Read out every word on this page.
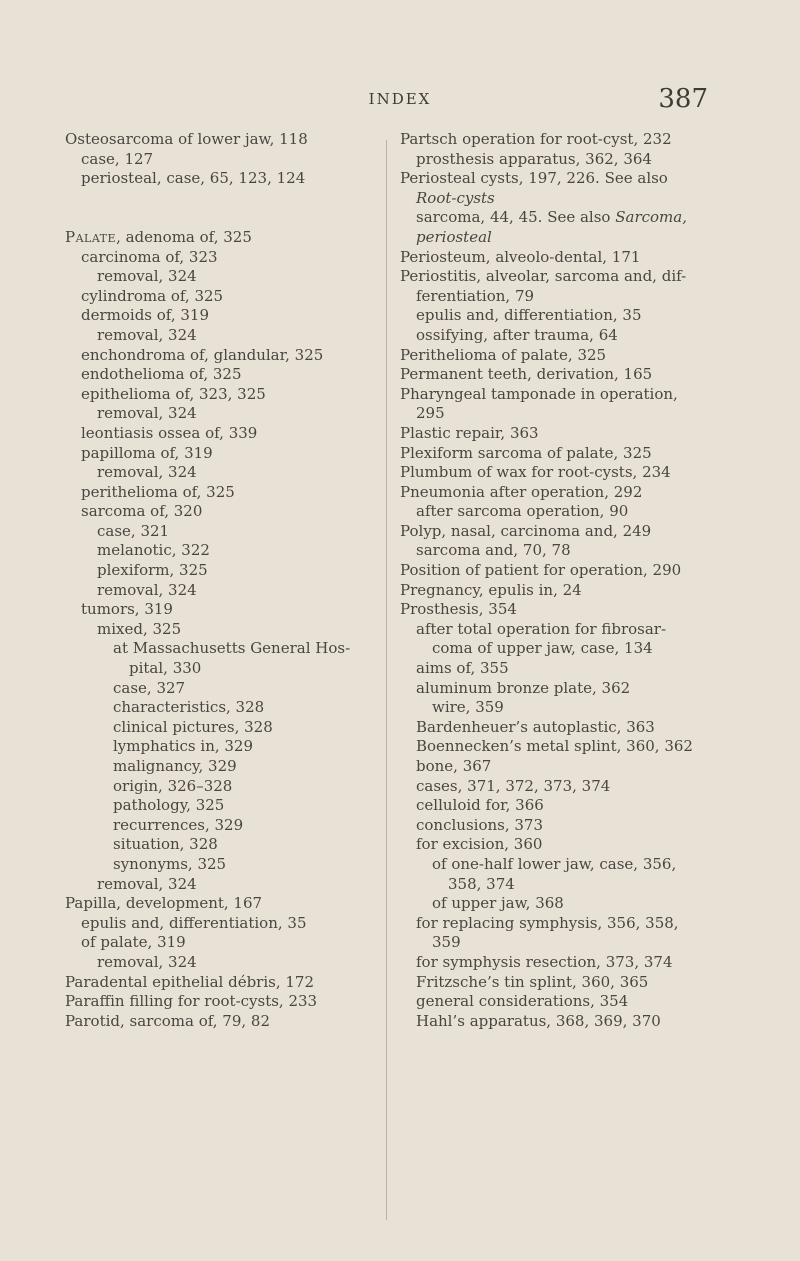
INDEX	387
Osteosarcoma of lower jaw, 118
case, 127
periosteal, case, 65, 123, 124
Palate, adenoma of, 325
carcinoma of, 323
removal, 324
cylindroma of, 325
dermoids of, 319
removal, 324
enchondroma of, glandular, 325
endothelioma of, 325
epithelioma of, 323, 325
removal, 324
leontiasis ossea of, 339
papilloma of, 319
removal, 324
perithelioma of, 325
sarcoma of, 320
case, 321
melanotic, 322
plexiform, 325
removal, 324
tumors, 319
mixed, 325
at Massachusetts General Hos-
pital, 330
case, 327
characteristics, 328
clinical pictures, 328
lymphatics in, 329
malignancy, 329
origin, 326–328
pathology, 325
recurrences, 329
situation, 328
synonyms, 325
removal, 324
Papilla, development, 167
epulis and, differentiation, 35
of palate, 319
removal, 324
Paradental epithelial débris, 172
Paraffin filling for root-cysts, 233
Parotid, sarcoma of, 79, 82
Partsch operation for root-cyst, 232
prosthesis apparatus, 362, 364
Periosteal cysts, 197, 226. See also
Root-cysts
sarcoma, 44, 45. See also Sarcoma,
periosteal
Periosteum, alveolo-dental, 171
Periostitis, alveolar, sarcoma and, dif-
ferentiation, 79
epulis and, differentiation, 35
ossifying, after trauma, 64
Perithelioma of palate, 325
Permanent teeth, derivation, 165
Pharyngeal tamponade in operation,
295
Plastic repair, 363
Plexiform sarcoma of palate, 325
Plumbum of wax for root-cysts, 234
Pneumonia after operation, 292
after sarcoma operation, 90
Polyp, nasal, carcinoma and, 249
sarcoma and, 70, 78
Position of patient for operation, 290
Pregnancy, epulis in, 24
Prosthesis, 354
after total operation for fibrosar-
coma of upper jaw, case, 134
aims of, 355
aluminum bronze plate, 362
wire, 359
Bardenheuer’s autoplastic, 363
Boennecken’s metal splint, 360, 362
bone, 367
cases, 371, 372, 373, 374
celluloid for, 366
conclusions, 373
for excision, 360
of one-half lower jaw, case, 356,
358, 374
of upper jaw, 368
for replacing symphysis, 356, 358,
359
for symphysis resection, 373, 374
Fritzsche’s tin splint, 360, 365
general considerations, 354
Hahl’s apparatus, 368, 369, 370
